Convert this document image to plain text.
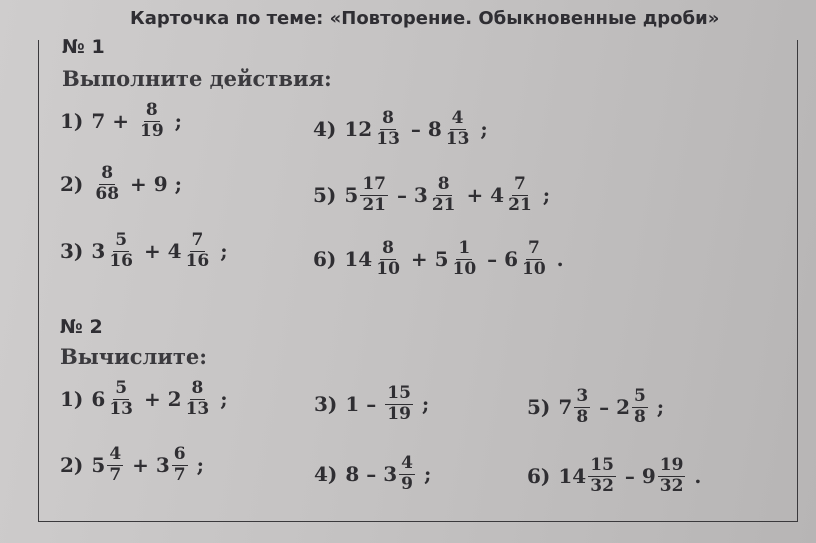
Карточка по теме: «Повторение. Обыкновенные дроби»
№ 1
Выполните действия:
1) $7 + \frac{8}{19}$ ;
$2) \frac{8}{68} + 9$ ;
3) $3 \frac{5}{16} + 4 \frac{7}{16}$ ;
4) $12 \frac{8}{13} - 8 \frac{4}{13}$ ;
5) $5 \frac{17}{21} - 3 \frac{8}{21} + 4 \frac{7}{21}$ ;
6) $14 \frac{8}{10} + 5 \frac{1}{10} - 6 \frac{7}{10}$ .
№ 2
Вычислите:
1) $6 \frac{5}{13} + 2 \frac{8}{13}$ ;
2) $5 \frac{4}{7} + 3 \frac{6}{7}$ ;
3) $1 - \frac{15}{19}$ ;
4) $8 - 3 \frac{4}{9}$ ;
5) $7 \frac{3}{8} - 2 \frac{5}{8}$ ;
6) $14 \frac{15}{32} - 9 \frac{19}{32}$ .
